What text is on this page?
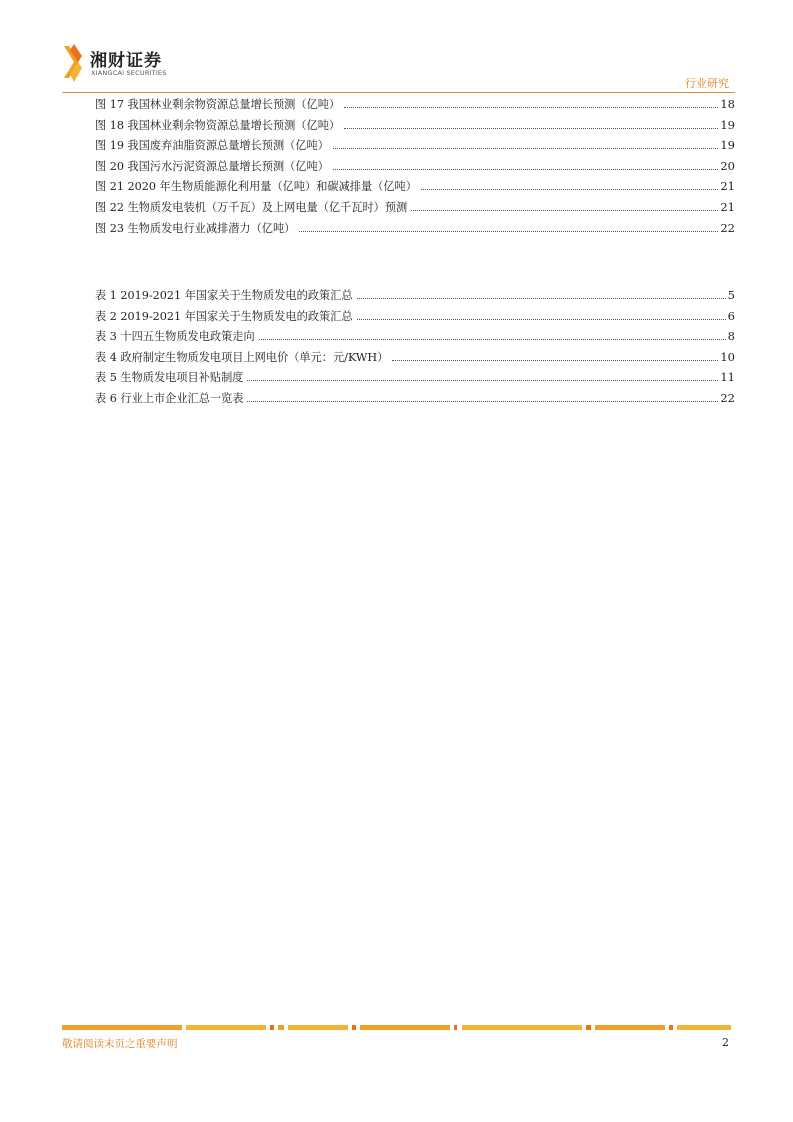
湘财证券
XIANGCAI SECURITIES
行业研究
图 17 我国林业剩余物资源总量增长预测（亿吨）	18
图 18 我国林业剩余物资源总量增长预测（亿吨）	19
图 19 我国废弃油脂资源总量增长预测（亿吨）	19
图 20 我国污水污泥资源总量增长预测（亿吨）	20
图 21 2020 年生物质能源化利用量（亿吨）和碳减排量（亿吨）	21
图 22 生物质发电装机（万千瓦）及上网电量（亿千瓦时）预测	21
图 23 生物质发电行业减排潜力（亿吨）	22
表 1 2019-2021 年国家关于生物质发电的政策汇总	5
表 2 2019-2021 年国家关于生物质发电的政策汇总	6
表 3 十四五生物质发电政策走向	8
表 4 政府制定生物质发电项目上网电价（单元：元/KWH）	10
表 5 生物质发电项目补贴制度	11
表 6 行业上市企业汇总一览表	22
敬请阅读末页之重要声明	2
